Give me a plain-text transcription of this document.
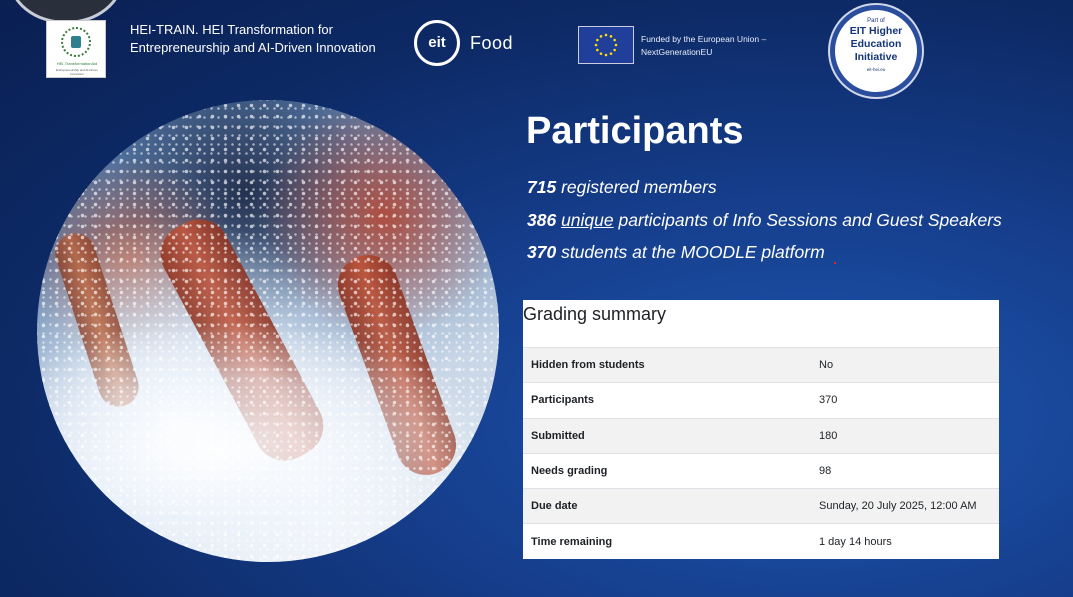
HEI-TransformationAid
Entrepreneurship and AI-Driven Innovation
HEI-TRAIN. HEI Transformation for
Entrepreneurship and AI-Driven Innovation	eit Food	Funded by the European Union –
NextGenerationEU
Part of
EIT Higher
Education
Initiative
eit-hei.eu
Participants
715 registered members
386 unique participants of Info Sessions and Guest Speakers
370 students at the MOODLE platform
Grading summary
Hidden from students	No
Participants	370
Submitted	180
Needs grading	98
Due date	Sunday, 20 July 2025, 12:00 AM
Time remaining	1 day 14 hours
